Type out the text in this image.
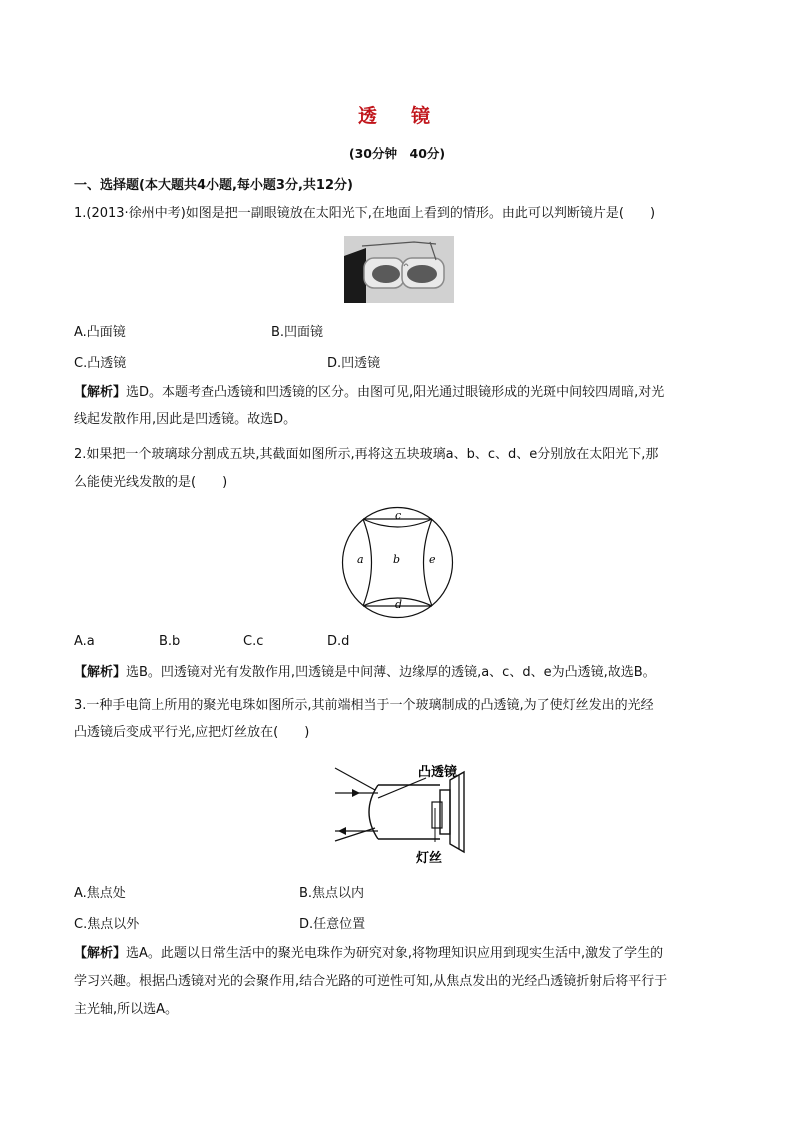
透 镜
(30分钟　40分)
一、选择题(本大题共4小题,每小题3分,共12分)
1.(2013·徐州中考)如图是把一副眼镜放在太阳光下,在地面上看到的情形。由此可以判断镜片是(　　)
A.凸面镜	B.凹面镜
C.凸透镜	D.凹透镜
【解析】选D。本题考查凸透镜和凹透镜的区分。由图可见,阳光通过眼镜形成的光斑中间较四周暗,对光
线起发散作用,因此是凹透镜。故选D。
2.如果把一个玻璃球分割成五块,其截面如图所示,再将这五块玻璃a、b、c、d、e分别放在太阳光下,那
么能使光线发散的是(　　)
a	b
c
d
e
A.a	B.b	C.c	D.d
【解析】选B。凹透镜对光有发散作用,凹透镜是中间薄、边缘厚的透镜,a、c、d、e为凸透镜,故选B。
3.一种手电筒上所用的聚光电珠如图所示,其前端相当于一个玻璃制成的凸透镜,为了使灯丝发出的光经
凸透镜后变成平行光,应把灯丝放在(　　)
凸透镜
灯丝
A.焦点处	B.焦点以内
C.焦点以外	D.任意位置
【解析】选A。此题以日常生活中的聚光电珠作为研究对象,将物理知识应用到现实生活中,激发了学生的
学习兴趣。根据凸透镜对光的会聚作用,结合光路的可逆性可知,从焦点发出的光经凸透镜折射后将平行于
主光轴,所以选A。
